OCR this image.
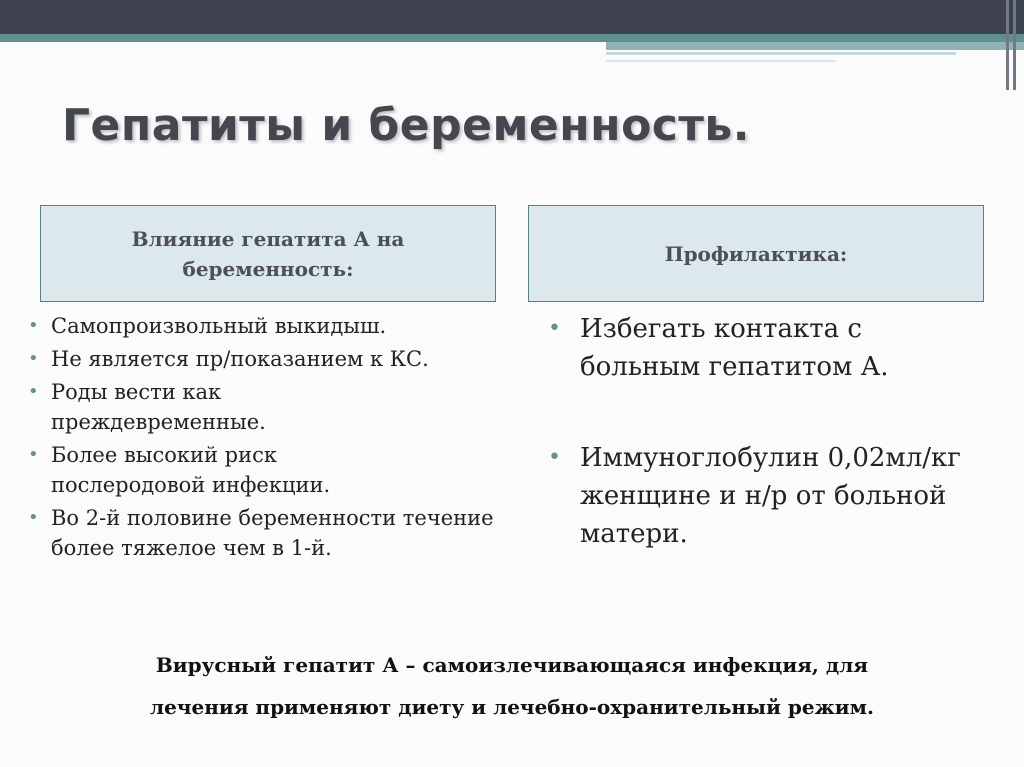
Гепатиты и беременность.
Влияние гепатита А на беременность:
Профилактика:
• Самопроизвольный выкидыш.
• Не является пр/показанием к КС.
• Роды вести как преждевременные.
• Более высокий риск послеродовой инфекции.
• Во 2-й половине беременности течение более тяжелое чем в 1-й.
• Избегать контакта с больным гепатитом А.
• Иммуноглобулин 0,02мл/кг женщине и н/р от больной матери.
Вирусный гепатит А – самоизлечивающаяся инфекция, для
лечения применяют диету и лечебно-охранительный режим.
